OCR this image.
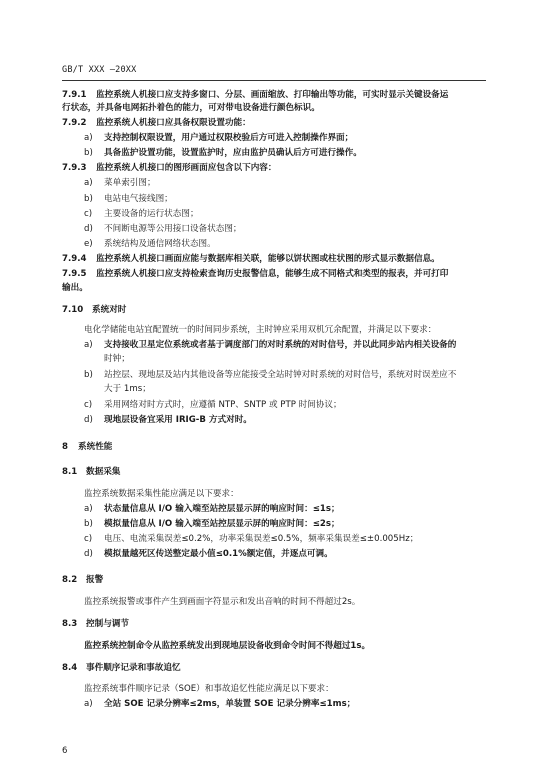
GB/T XXX —20XX
7.9.1 监控系统人机接口应支持多窗口、分层、画面缩放、打印输出等功能，可实时显示关键设备运
行状态，并具备电网拓扑着色的能力，可对带电设备进行颜色标识。
7.9.2 监控系统人机接口应具备权限设置功能：
a) 支持控制权限设置，用户通过权限校验后方可进入控制操作界面；
b) 具备监护设置功能，设置监护时，应由监护员确认后方可进行操作。
7.9.3 监控系统人机接口的图形画面应包含以下内容：
a) 菜单索引图；
b) 电站电气接线图；
c) 主要设备的运行状态图；
d) 不间断电源等公用接口设备状态图；
e) 系统结构及通信网络状态图。
7.9.4 监控系统人机接口画面应能与数据库相关联，能够以饼状图或柱状图的形式显示数据信息。
7.9.5 监控系统人机接口应支持检索查询历史报警信息，能够生成不同格式和类型的报表，并可打印
输出。
7.10 系统对时
电化学储能电站宜配置统一的时间同步系统，主时钟应采用双机冗余配置，并满足以下要求：
a) 支持接收卫星定位系统或者基于调度部门的对时系统的对时信号，并以此同步站内相关设备的
时钟；
b) 站控层、现地层及站内其他设备等应能接受全站时钟对时系统的对时信号，系统对时误差应不
大于 1ms；
c) 采用网络对时方式时，应遵循 NTP、SNTP 或 PTP 时间协议；
d) 现地层设备宜采用 IRIG-B 方式对时。
8 系统性能
8.1 数据采集
监控系统数据采集性能应满足以下要求：
a) 状态量信息从 I/O 输入端至站控层显示屏的响应时间：≤1s；
b) 模拟量信息从 I/O 输入端至站控层显示屏的响应时间：≤2s；
c) 电压、电流采集误差≤0.2%，功率采集误差≤0.5%，频率采集误差≤±0.005Hz；
d) 模拟量越死区传送整定最小值≤0.1%额定值，并逐点可调。
8.2 报警
监控系统报警或事件产生到画面字符显示和发出音响的时间不得超过2s。
8.3 控制与调节
监控系统控制命令从监控系统发出到现地层设备收到命令时间不得超过1s。
8.4 事件顺序记录和事故追忆
监控系统事件顺序记录（SOE）和事故追忆性能应满足以下要求：
a) 全站 SOE 记录分辨率≤2ms，单装置 SOE 记录分辨率≤1ms；
6
